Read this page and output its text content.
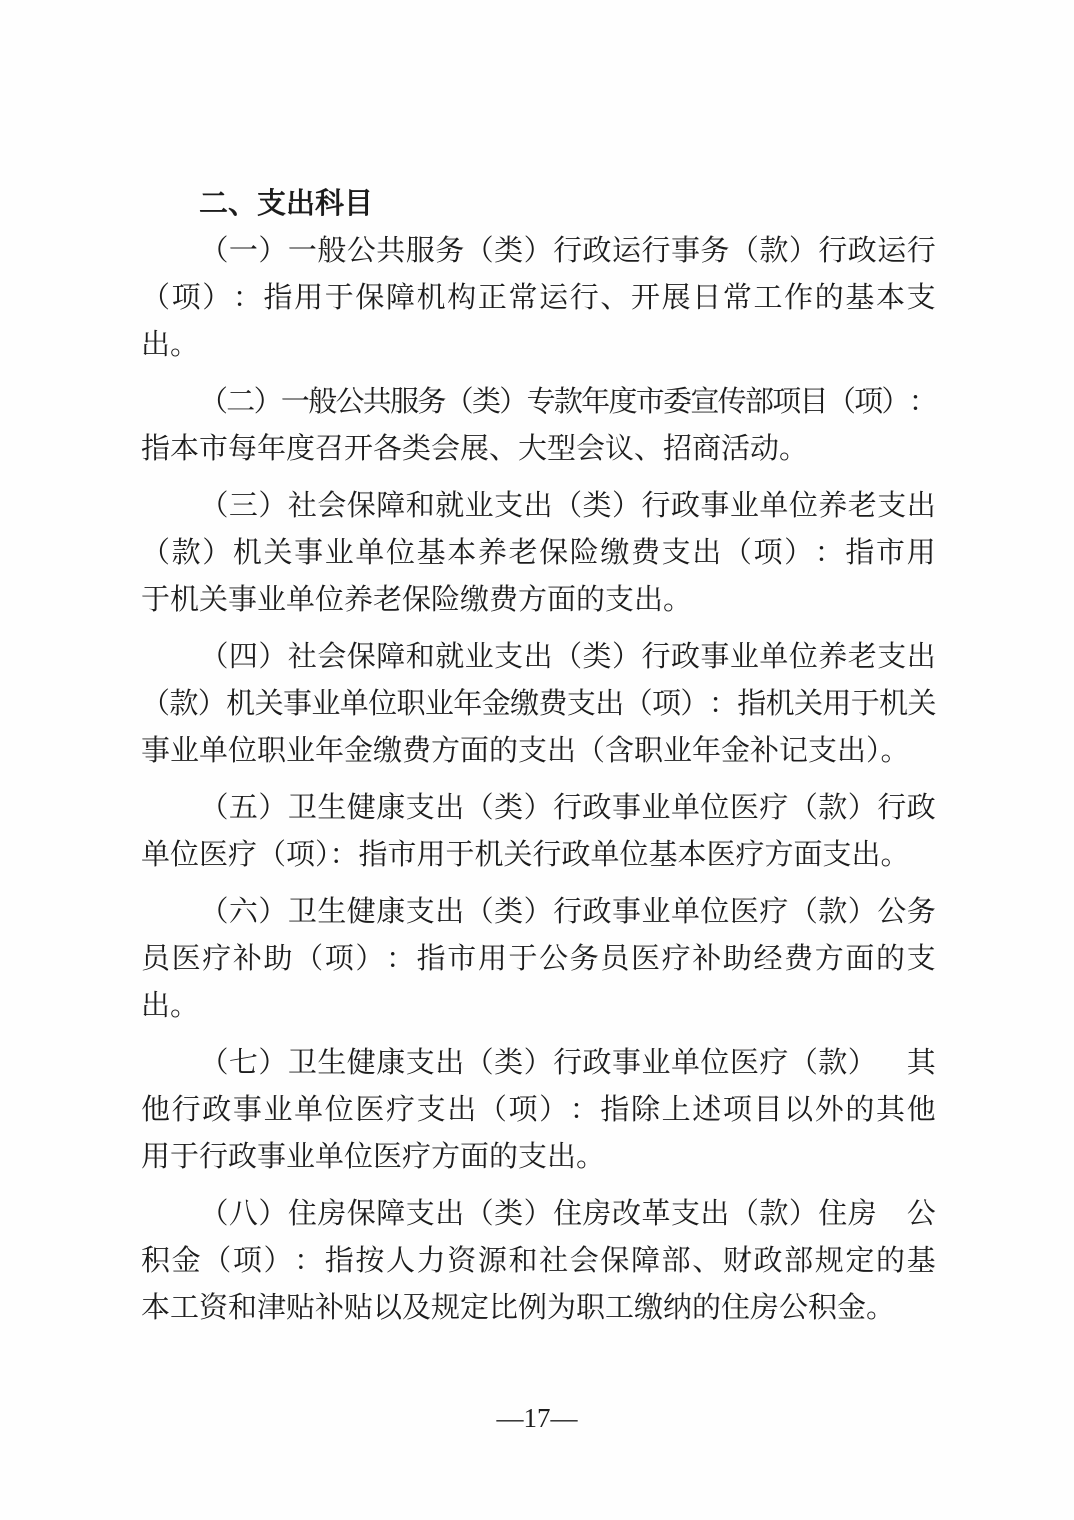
二、支出科目
（ 一 ） 一 般 公 共 服 务 （ 类 ） 行 政 运 行 事 务 （ 款 ） 行 政 运 行
（ 项 ） ： 指 用 于 保 障 机 构 正 常 运 行 、 开 展 日 常 工 作 的 基 本 支
出。
（
二
）
一
般
公
共
服
务
（
类
）
专
款
年
度
市
委
宣
传
部
项
目
（
项
）
：
指本市每年度召开各类会展、大型会议、招商活动。
（ 三 ） 社 会 保 障 和 就 业 支 出 （ 类 ） 行 政 事 业 单 位 养 老 支 出
（ 款 ） 机 关 事 业 单 位 基 本 养 老 保 险 缴 费 支 出 （ 项 ） ： 指 市 用
于机关事业单位养老保险缴费方面的支出。
（ 四 ） 社 会 保 障 和 就 业 支 出 （ 类 ） 行 政 事 业 单 位 养 老 支 出
（ 款 ） 机 关 事 业 单 位 职 业 年 金 缴 费 支 出 （ 项 ） ： 指 机 关 用 于 机 关
事业单位职业年金缴费方面的支出（含职业年金补记支出）。
（ 五 ） 卫 生 健 康 支 出 （ 类 ） 行 政 事 业 单 位 医 疗 （ 款 ） 行 政
单位医疗（项）：指市用于机关行政单位基本医疗方面支出。
（ 六 ） 卫 生 健 康 支 出 （ 类 ） 行 政 事 业 单 位 医 疗 （ 款 ） 公 务
员 医 疗 补 助 （ 项 ） ： 指 市 用 于 公 务 员 医 疗 补 助 经 费 方 面 的 支
出。
（ 七 ） 卫 生 健 康 支 出 （ 类 ） 行 政 事 业 单 位 医 疗 （ 款 ） 其
他 行 政 事 业 单 位 医 疗 支 出 （ 项 ） ： 指 除 上 述 项 目 以 外 的 其 他
用于行政事业单位医疗方面的支出。
（ 八 ） 住 房 保 障 支 出 （ 类 ） 住 房 改 革 支 出 （ 款 ） 住 房 公
积 金 （ 项 ） ： 指 按 人 力 资 源 和 社 会 保 障 部 、 财 政 部 规 定 的 基
本工资和津贴补贴以及规定比例为职工缴纳的住房公积金。
—17—
